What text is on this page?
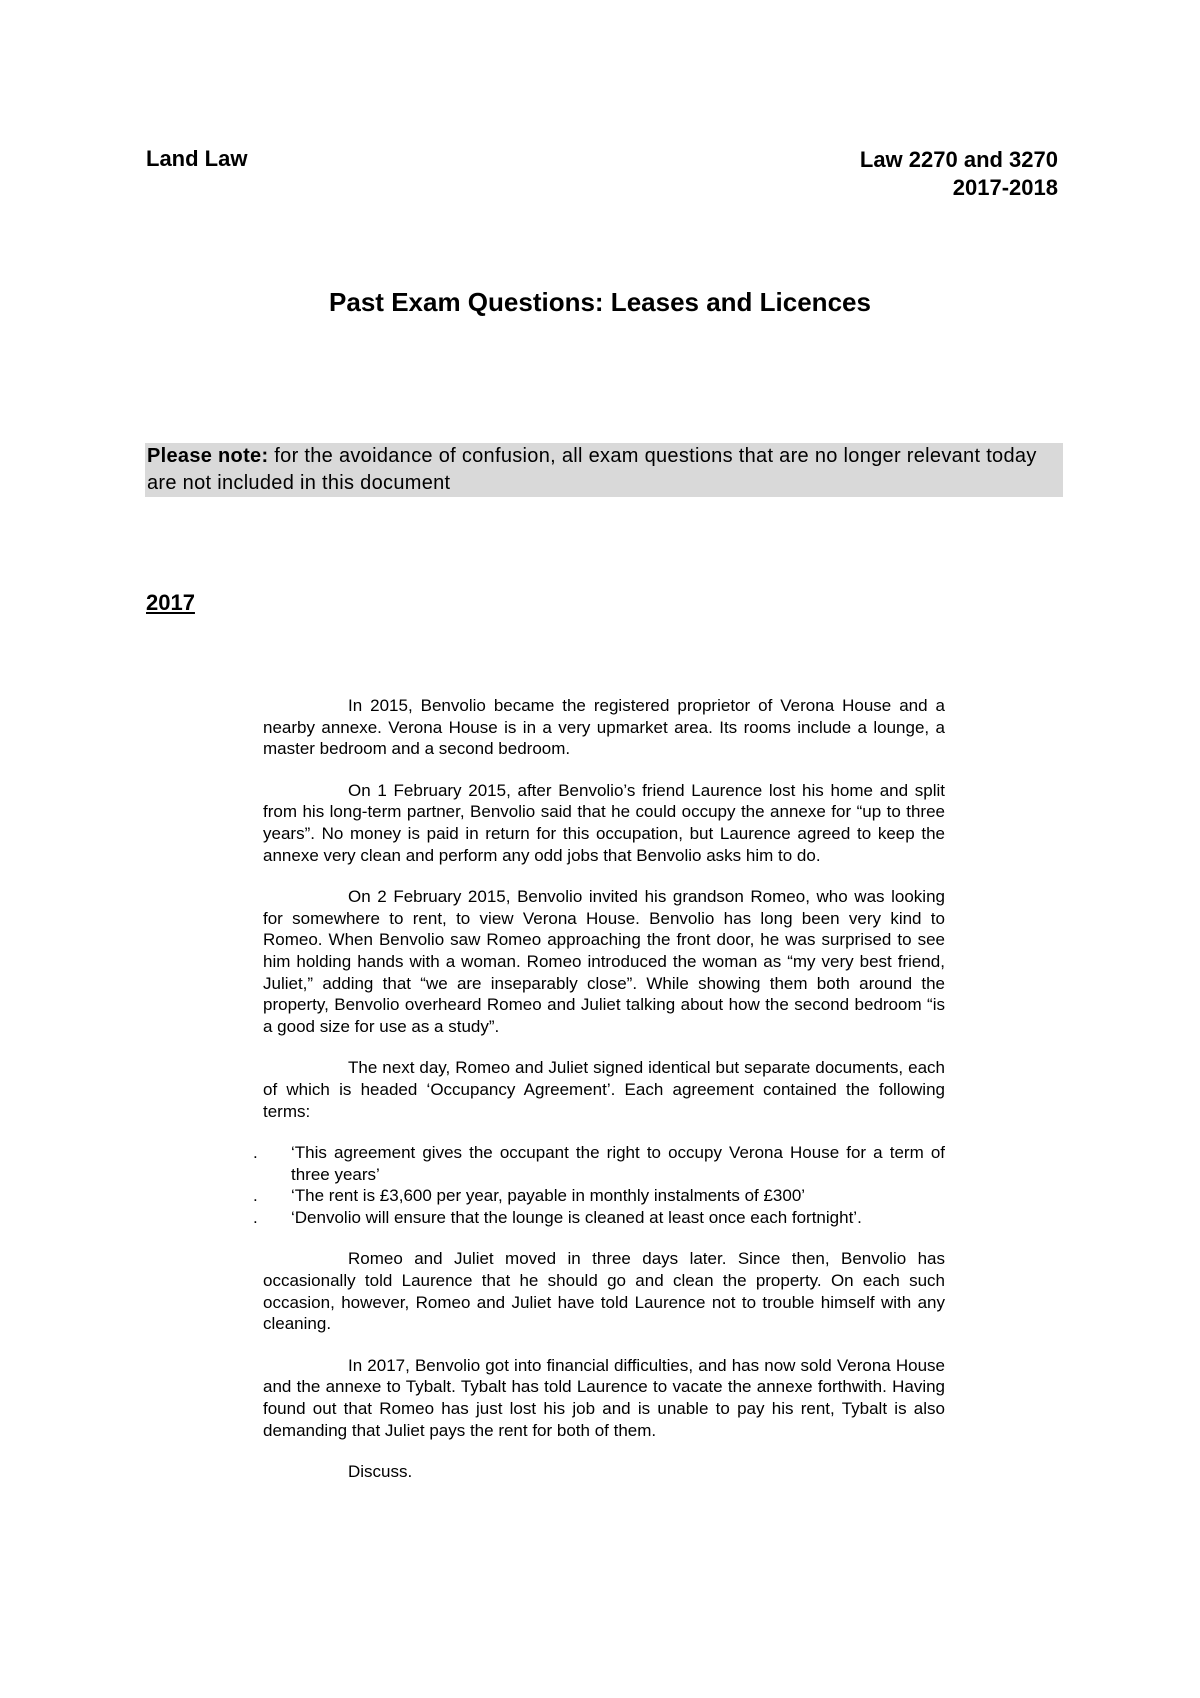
Land Law	Law 2270 and 3270
2017-2018
Past Exam Questions: Leases and Licences
Please note: for the avoidance of confusion, all exam questions that are no longer relevant today are not included in this document
2017

In 2015, Benvolio became the registered proprietor of Verona House and a nearby annexe. Verona House is in a very upmarket area. Its rooms include a lounge, a master bedroom and a second bedroom.

On 1 February 2015, after Benvolio’s friend Laurence lost his home and split from his long-term partner, Benvolio said that he could occupy the annexe for “up to three years”. No money is paid in return for this occupation, but Laurence agreed to keep the annexe very clean and perform any odd jobs that Benvolio asks him to do.

On 2 February 2015, Benvolio invited his grandson Romeo, who was looking for somewhere to rent, to view Verona House. Benvolio has long been very kind to Romeo. When Benvolio saw Romeo approaching the front door, he was surprised to see him holding hands with a woman. Romeo introduced the woman as “my very best friend, Juliet,” adding that “we are inseparably close”. While showing them both around the property, Benvolio overheard Romeo and Juliet talking about how the second bedroom “is a good size for use as a study”.

The next day, Romeo and Juliet signed identical but separate documents, each of which is headed ‘Occupancy Agreement’. Each agreement contained the following terms:

. ‘This agreement gives the occupant the right to occupy Verona House for a term of three years’
. ‘The rent is £3,600 per year, payable in monthly instalments of £300’
. ‘Denvolio will ensure that the lounge is cleaned at least once each fortnight’.

Romeo and Juliet moved in three days later. Since then, Benvolio has occasionally told Laurence that he should go and clean the property. On each such occasion, however, Romeo and Juliet have told Laurence not to trouble himself with any cleaning.

In 2017, Benvolio got into financial difficulties, and has now sold Verona House and the annexe to Tybalt. Tybalt has told Laurence to vacate the annexe forthwith. Having found out that Romeo has just lost his job and is unable to pay his rent, Tybalt is also demanding that Juliet pays the rent for both of them.

Discuss.
